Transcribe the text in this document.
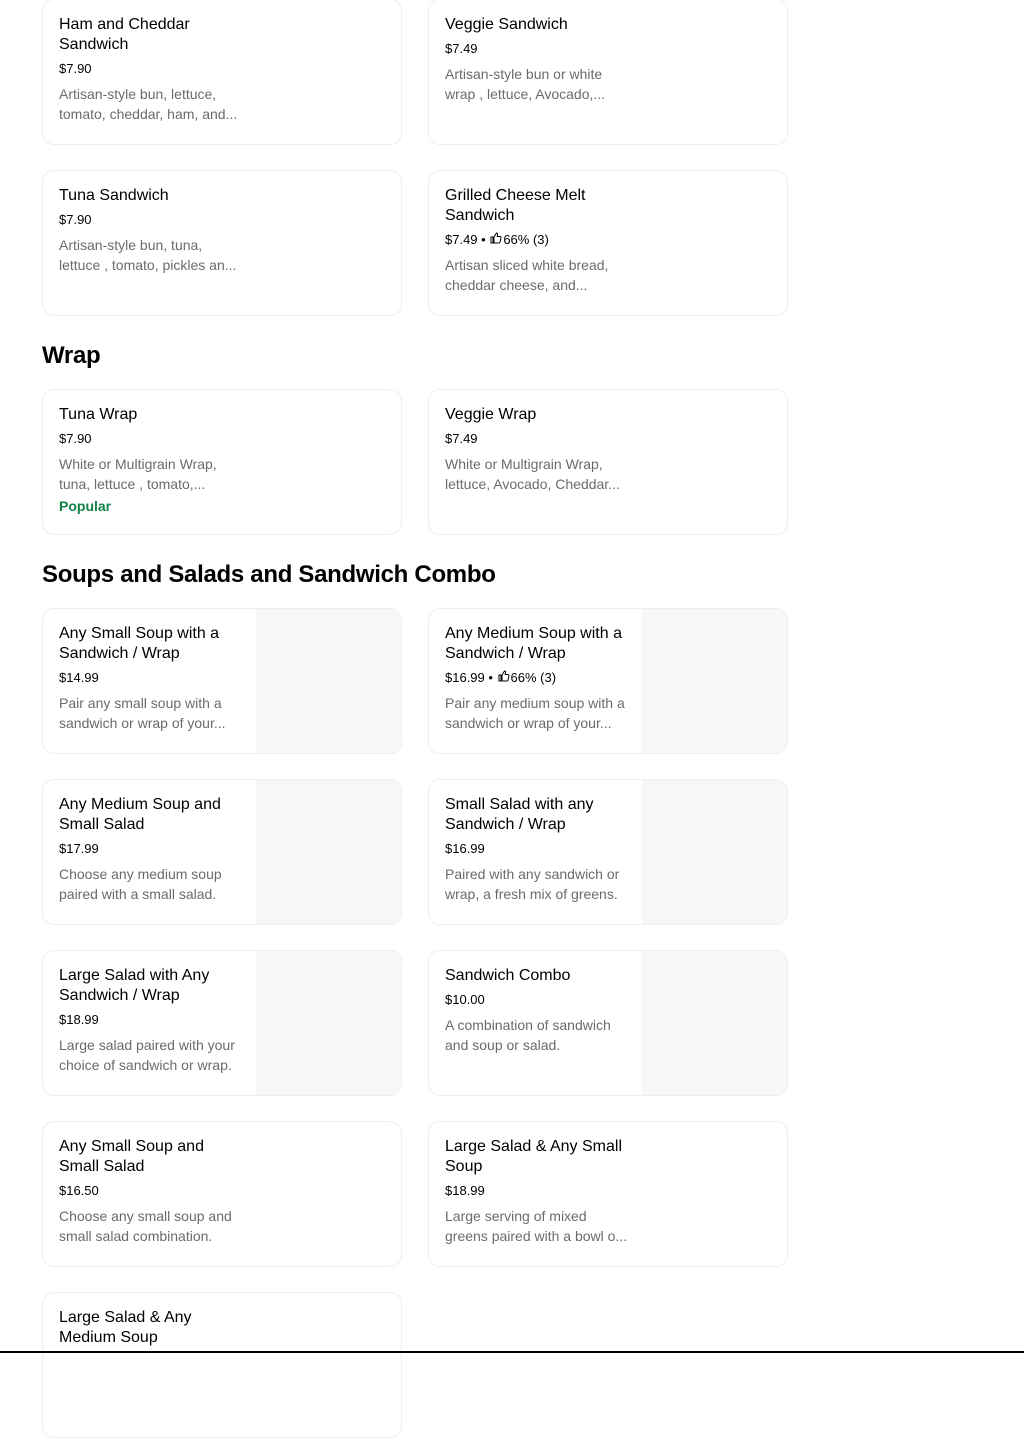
Ham and Cheddar Sandwich
$7.90
Artisan-style bun, lettuce, tomato, cheddar, ham, and...
Veggie Sandwich
$7.49
Artisan-style bun or white wrap , lettuce, Avocado,...
Tuna Sandwich
$7.90
Artisan-style bun, tuna, lettuce , tomato, pickles an...
Grilled Cheese Melt Sandwich
$7.49 • 66% (3)
Artisan sliced white bread, cheddar cheese, and...
Wrap
Tuna Wrap
$7.90
White or Multigrain Wrap, tuna, lettuce , tomato,...
Popular
Veggie Wrap
$7.49
White or Multigrain Wrap, lettuce, Avocado, Cheddar...
Soups and Salads and Sandwich Combo
Any Small Soup with a Sandwich / Wrap
$14.99
Pair any small soup with a sandwich or wrap of your...
Any Medium Soup with a Sandwich / Wrap
$16.99 • 66% (3)
Pair any medium soup with a sandwich or wrap of your...
Any Medium Soup and Small Salad
$17.99
Choose any medium soup paired with a small salad.
Small Salad with any Sandwich / Wrap
$16.99
Paired with any sandwich or wrap, a fresh mix of greens.
Large Salad with Any Sandwich / Wrap
$18.99
Large salad paired with your choice of sandwich or wrap.
Sandwich Combo
$10.00
A combination of sandwich and soup or salad.
Any Small Soup and Small Salad
$16.50
Choose any small soup and small salad combination.
Large Salad & Any Small Soup
$18.99
Large serving of mixed greens paired with a bowl o...
Large Salad & Any Medium Soup
